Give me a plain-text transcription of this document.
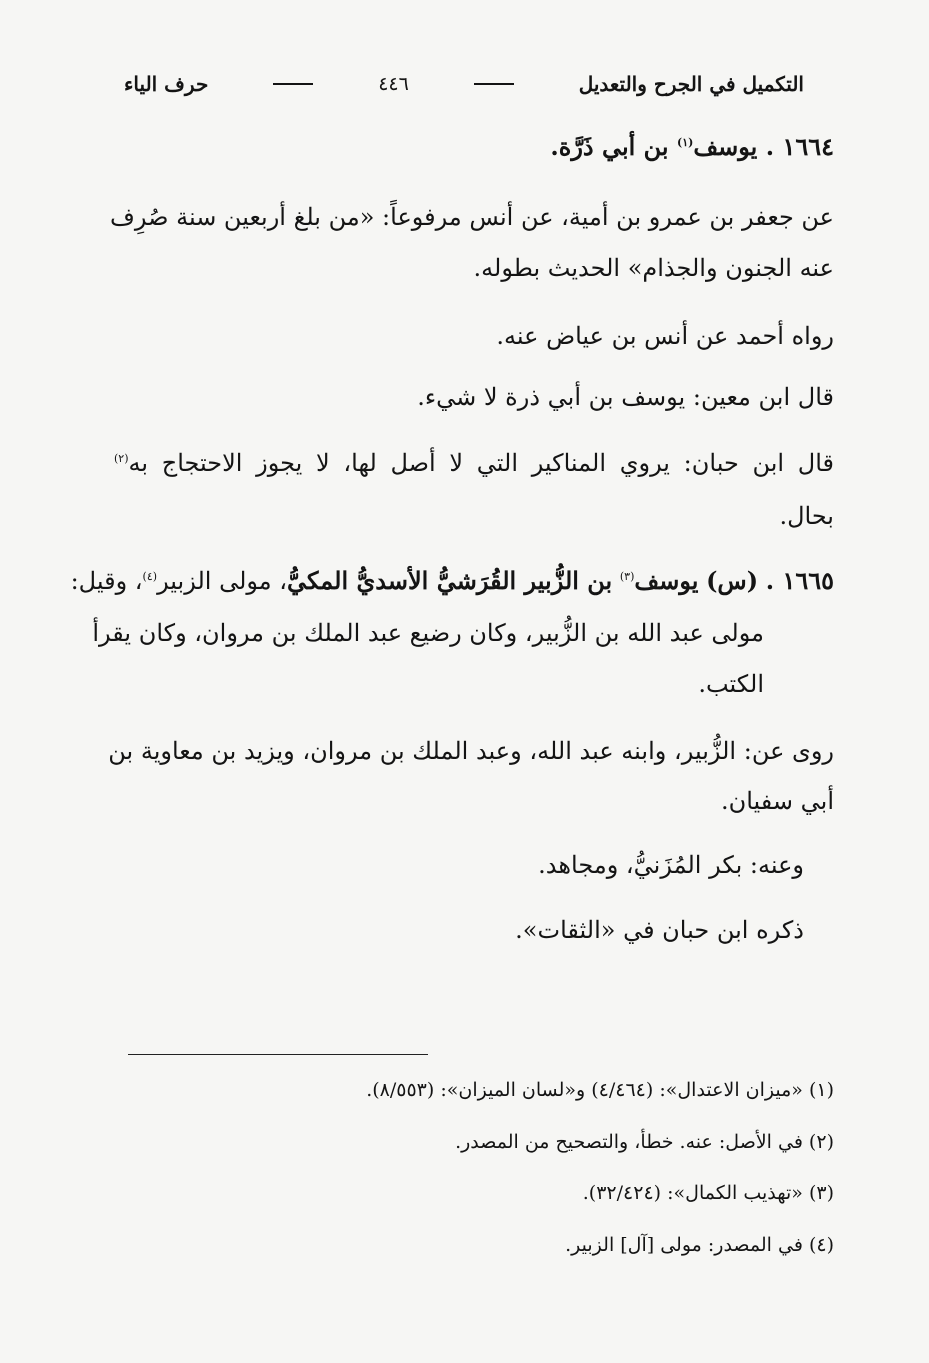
التكميل في الجرح والتعديل
٤٤٦
حرف الياء
١٦٦٤ . يوسف$^{(١)}$ بن أبي ذَرَّة.
عن جعفر بن عمرو بن أمية، عن أنس مرفوعاً: «من بلغ أربعين سنة صُرِف
عنه الجنون والجذام» الحديث بطوله.
رواه أحمد عن أنس بن عياض عنه.
قال ابن معين: يوسف بن أبي ذرة لا شيء.
قال ابن حبان: يروي المناكير التي لا أصل لها، لا يجوز الاحتجاج به$^{(٢)}$
بحال.
١٦٦٥ . (س) يوسف$^{(٣)}$ بن الزُّبير القُرَشيُّ الأسديُّ المكيُّ، مولى الزبير$^{(٤)}$، وقيل:
مولى عبد الله بن الزُّبير، وكان رضيع عبد الملك بن مروان، وكان يقرأ
الكتب.
روى عن: الزُّبير، وابنه عبد الله، وعبد الملك بن مروان، ويزيد بن معاوية بن
أبي سفيان.
وعنه: بكر المُزَنيُّ، ومجاهد.
ذكره ابن حبان في «الثقات».
(١) «ميزان الاعتدال»: (٤/٤٦٤) و«لسان الميزان»: (٨/٥٥٣).
(٢) في الأصل: عنه. خطأ، والتصحيح من المصدر.
(٣) «تهذيب الكمال»: (٣٢/٤٢٤).
(٤) في المصدر: مولى [آل] الزبير.
